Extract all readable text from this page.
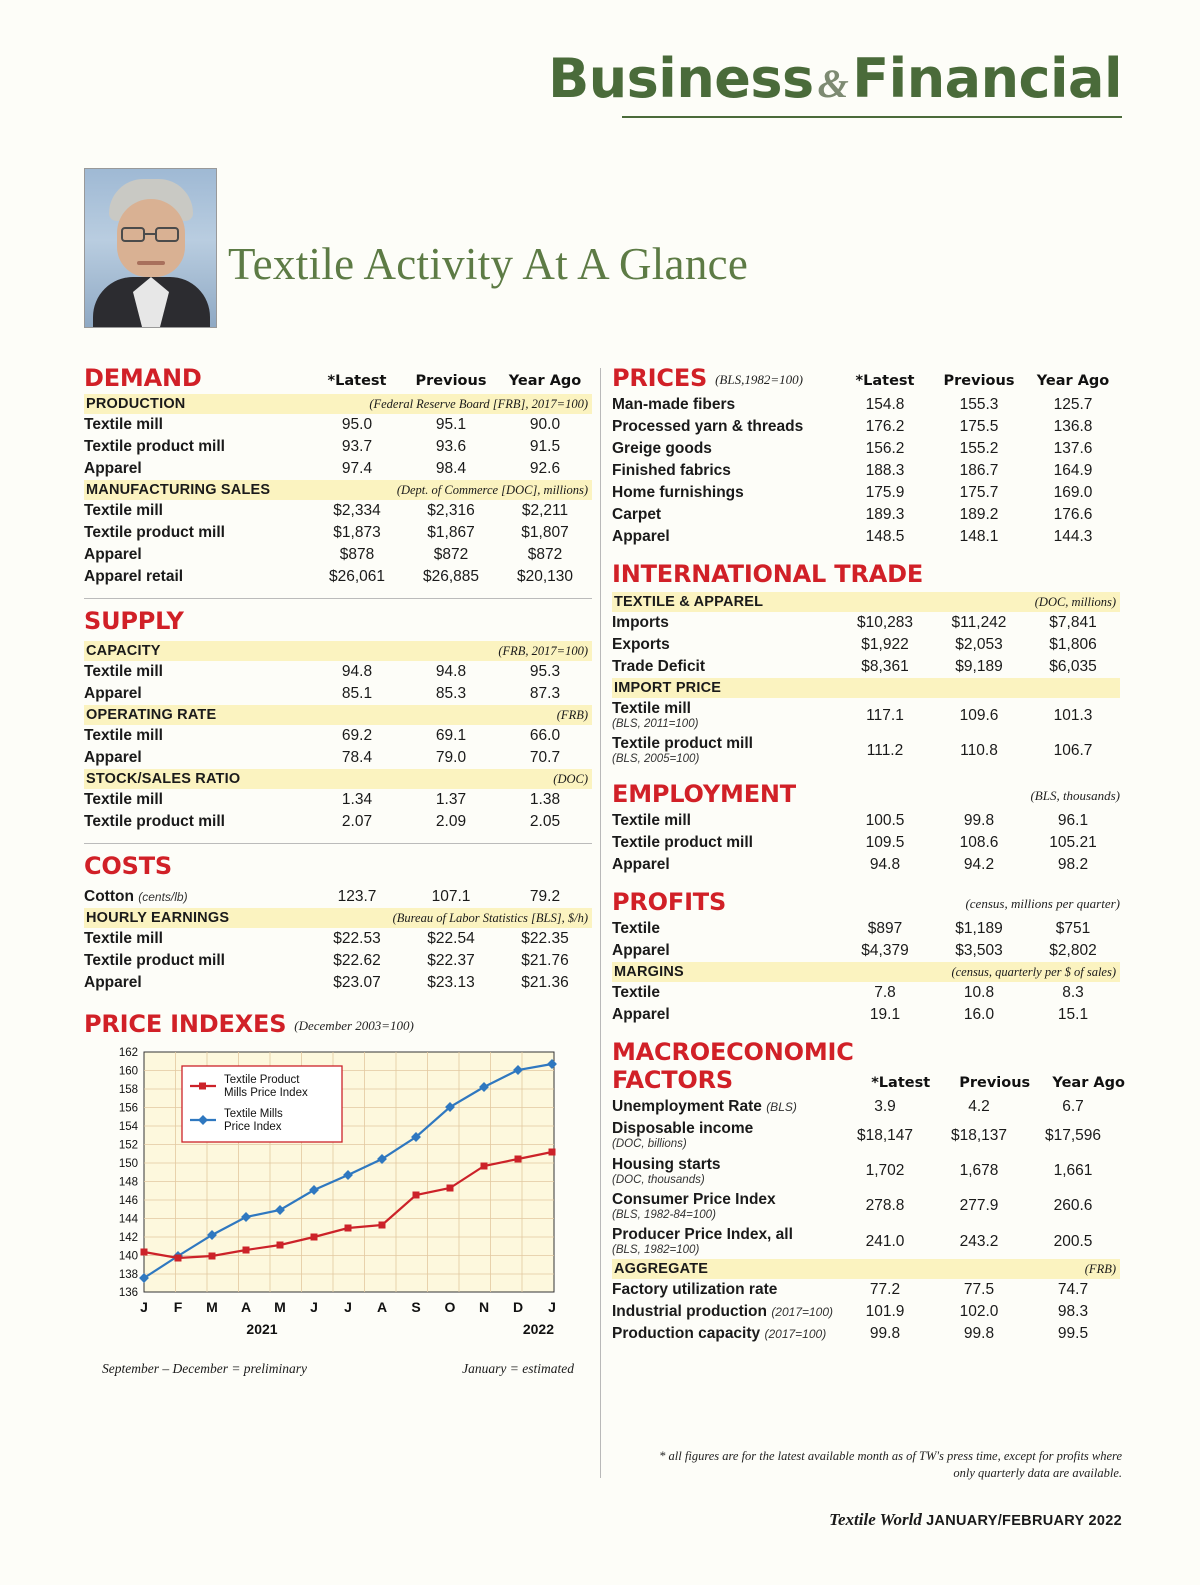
Business &Financial
Textile Activity At A Glance
DEMAND	*Latest	Previous	Year Ago
PRODUCTION	(Federal Reserve Board [FRB], 2017=100)		
Textile mill	95.0	95.1	90.0
Textile product mill	93.7	93.6	91.5
Apparel	97.4	98.4	92.6
MANUFACTURING SALES	(Dept. of Commerce [DOC], millions)		
Textile mill	$2,334	$2,316	$2,211
Textile product mill	$1,873	$1,867	$1,807
Apparel	$878	$872	$872
Apparel retail	$26,061	$26,885	$20,130
SUPPLY
CAPACITY	(FRB, 2017=100)		
Textile mill	94.8	94.8	95.3
Apparel	85.1	85.3	87.3
OPERATING RATE	(FRB)		
Textile mill	69.2	69.1	66.0
Apparel	78.4	79.0	70.7
STOCK/SALES RATIO	(DOC)		
Textile mill	1.34	1.37	1.38
Textile product mill	2.07	2.09	2.05
COSTS
Cotton (cents/lb)	123.7	107.1	79.2
HOURLY EARNINGS	(Bureau of Labor Statistics [BLS], $/h)		
Textile mill	$22.53	$22.54	$22.35
Textile product mill	$22.62	$22.37	$21.76
Apparel	$23.07	$23.13	$21.36
PRICE INDEXES (December 2003=100)
162
160
158
156
154
152
150
148
146
144
142
140
138
136
J F M A M J J A S O N D J
2021	2022
Textile Product
Mills Price Index
Textile Mills
Price Index
September – December = preliminary	January = estimated
PRICES (BLS,1982=100)	*Latest	Previous	Year Ago
Man-made fibers	154.8	155.3	125.7
Processed yarn & threads	176.2	175.5	136.8
Greige goods	156.2	155.2	137.6
Finished fabrics	188.3	186.7	164.9
Home furnishings	175.9	175.7	169.0
Carpet	189.3	189.2	176.6
Apparel	148.5	148.1	144.3
INTERNATIONAL TRADE
TEXTILE & APPAREL	(DOC, millions)		
Imports	$10,283	$11,242	$7,841
Exports	$1,922	$2,053	$1,806
Trade Deficit	$8,361	$9,189	$6,035
IMPORT PRICE			
Textile mill
(BLS, 2011=100)	117.1	109.6	101.3
Textile product mill
(BLS, 2005=100)	111.2	110.8	106.7
EMPLOYMENT	(BLS, thousands)
Textile mill	100.5	99.8	96.1
Textile product mill	109.5	108.6	105.21
Apparel	94.8	94.2	98.2
PROFITS	(census, millions per quarter)
Textile	$897	$1,189	$751
Apparel	$4,379	$3,503	$2,802
MARGINS	(census, quarterly per $ of sales)		
Textile	7.8	10.8	8.3
Apparel	19.1	16.0	15.1
MACROECONOMIC FACTORS	*Latest	Previous	Year Ago
Unemployment Rate (BLS)	3.9	4.2	6.7
Disposable income
(DOC, billions)	$18,147	$18,137	$17,596
Housing starts
(DOC, thousands)	1,702	1,678	1,661
Consumer Price Index
(BLS, 1982-84=100)	278.8	277.9	260.6
Producer Price Index, all
(BLS, 1982=100)	241.0	243.2	200.5
AGGREGATE	(FRB)		
Factory utilization rate	77.2	77.5	74.7
Industrial production (2017=100)	101.9	102.0	98.3
Production capacity (2017=100)	99.8	99.8	99.5
* all figures are for the latest available month as of TW's press time, except for profits where only quarterly data are available.
Textile World JANUARY/FEBRUARY 2022
